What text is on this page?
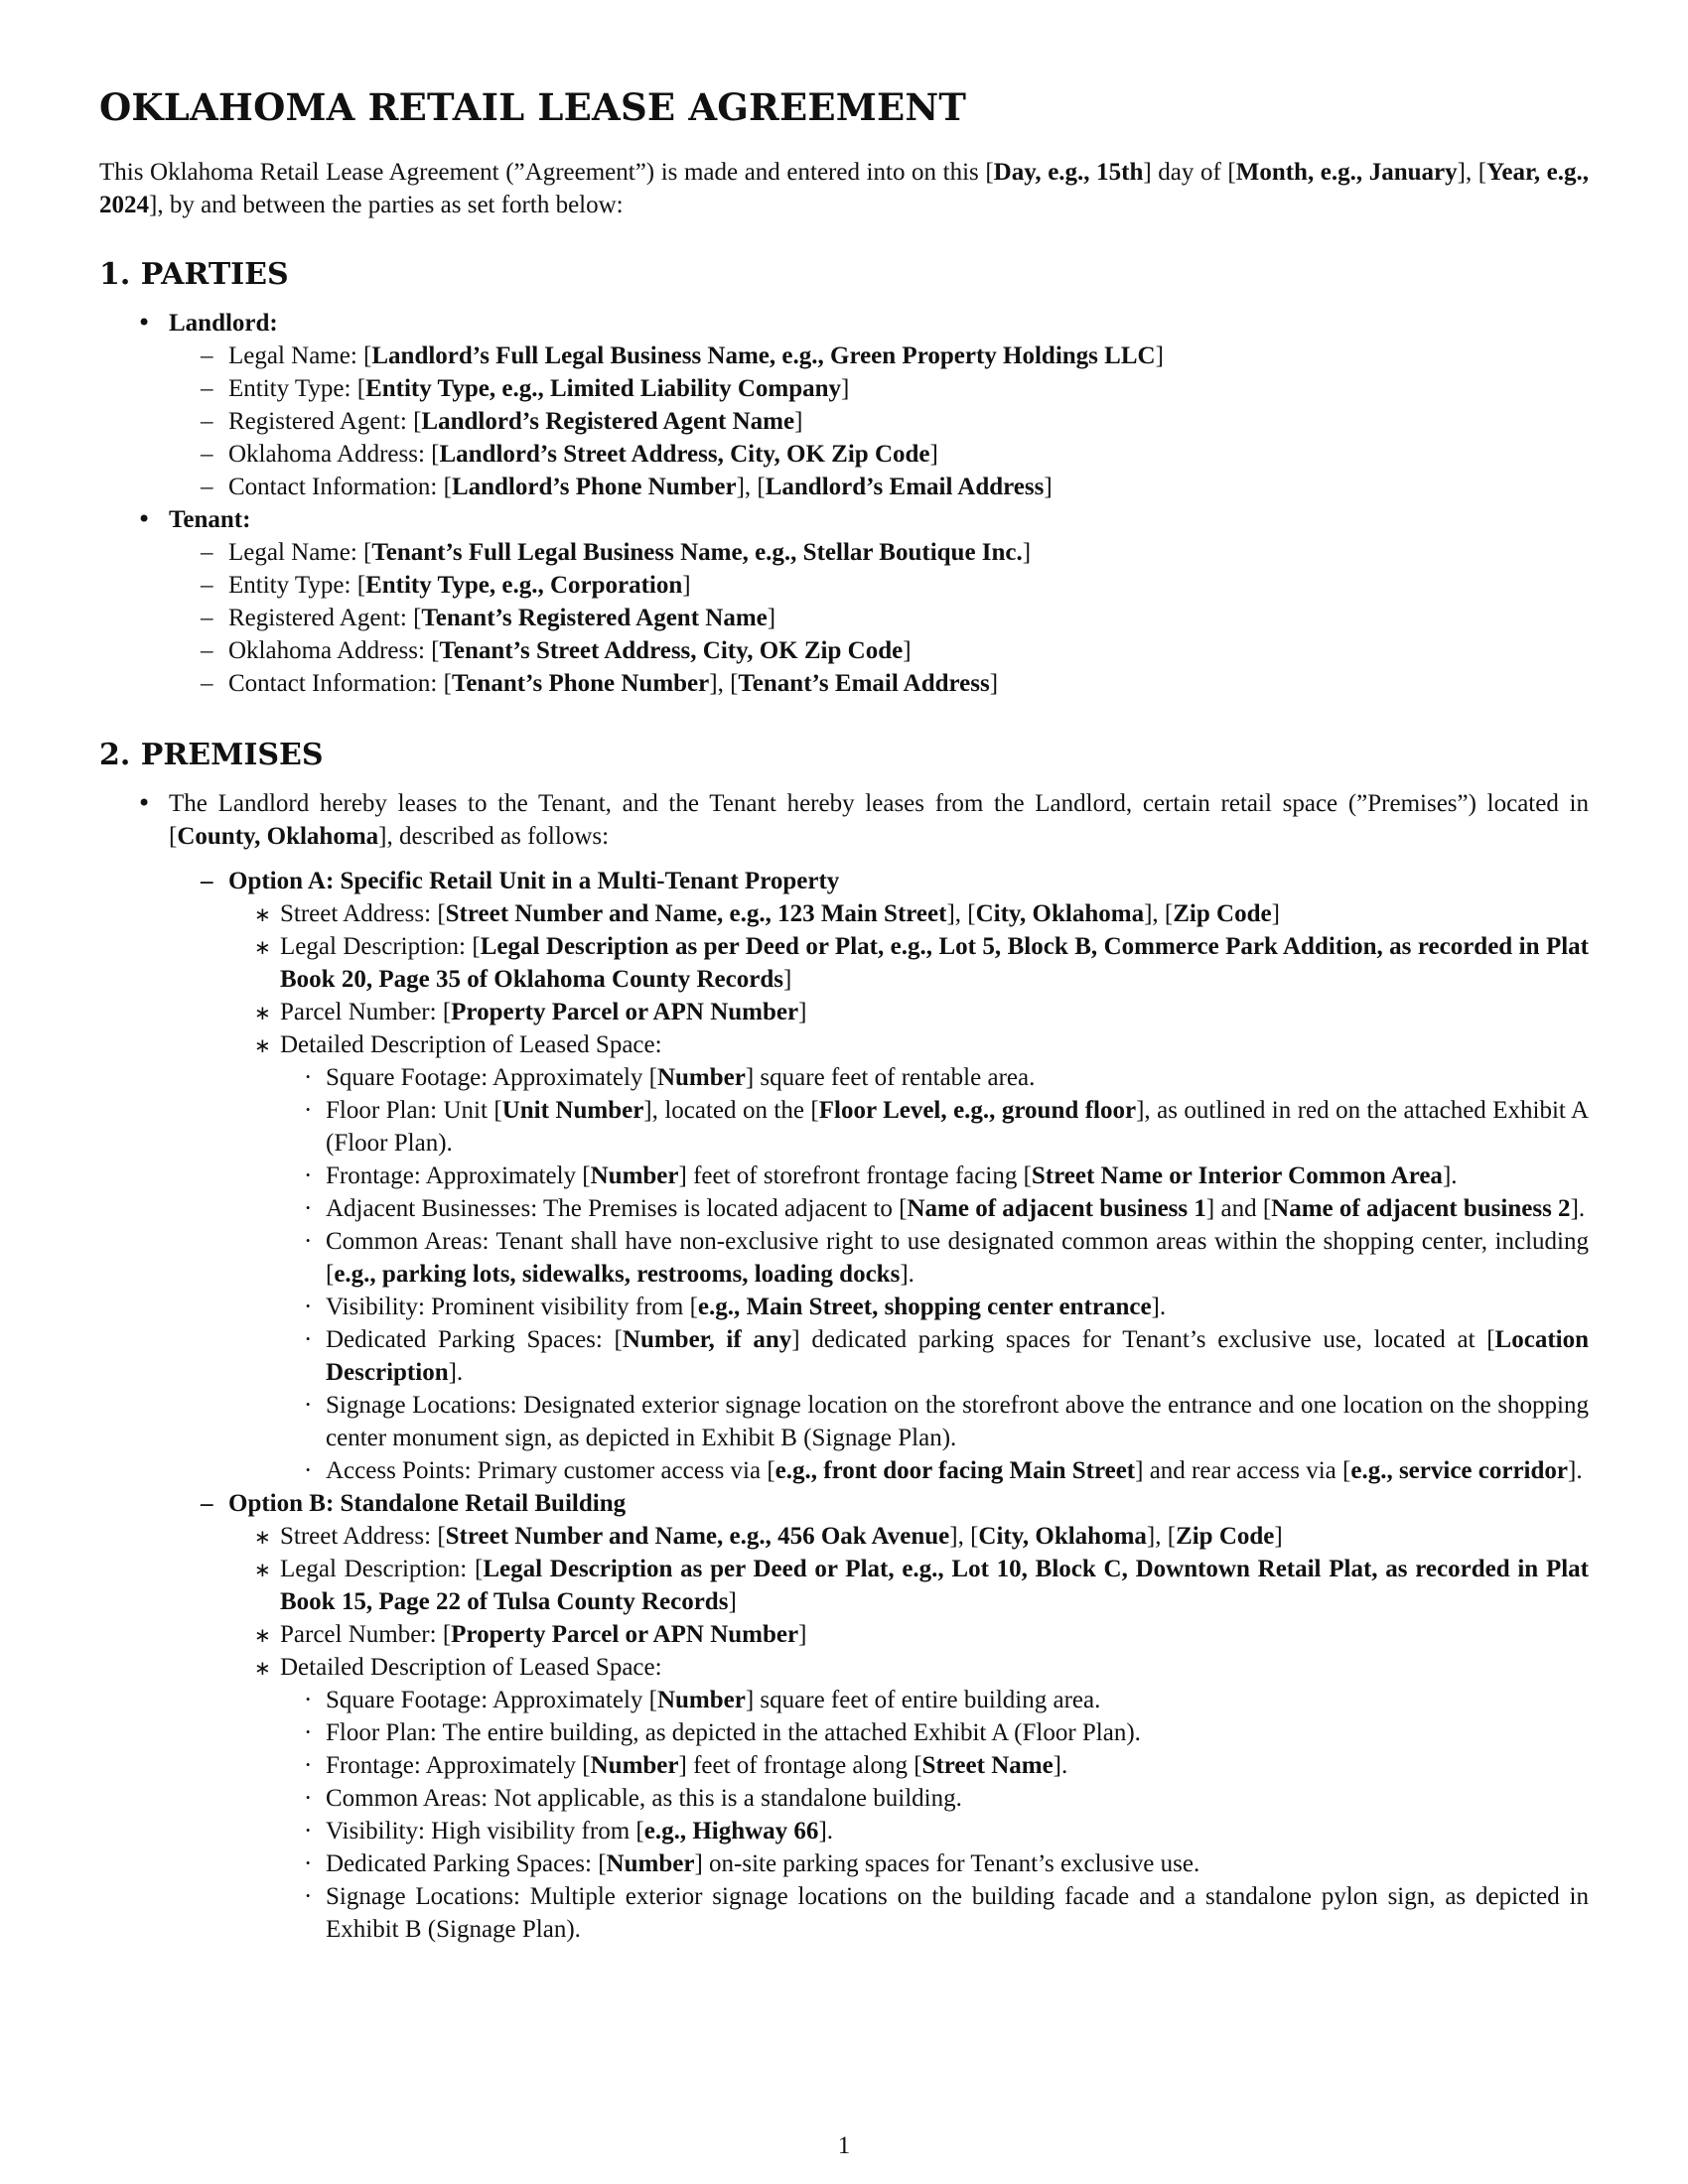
OKLAHOMA RETAIL LEASE AGREEMENT

This Oklahoma Retail Lease Agreement (”Agreement”) is made and entered into on this [Day, e.g., 15th] day of [Month, e.g., January], [Year, e.g., 2024], by and between the parties as set forth below:

1. PARTIES
• Landlord:
– Legal Name: [Landlord’s Full Legal Business Name, e.g., Green Property Holdings LLC]
– Entity Type: [Entity Type, e.g., Limited Liability Company]
– Registered Agent: [Landlord’s Registered Agent Name]
– Oklahoma Address: [Landlord’s Street Address, City, OK Zip Code]
– Contact Information: [Landlord’s Phone Number], [Landlord’s Email Address]
• Tenant:
– Legal Name: [Tenant’s Full Legal Business Name, e.g., Stellar Boutique Inc.]
– Entity Type: [Entity Type, e.g., Corporation]
– Registered Agent: [Tenant’s Registered Agent Name]
– Oklahoma Address: [Tenant’s Street Address, City, OK Zip Code]
– Contact Information: [Tenant’s Phone Number], [Tenant’s Email Address]
2. PREMISES
• The Landlord hereby leases to the Tenant, and the Tenant hereby leases from the Landlord, certain retail space (”Premises”) located in [County, Oklahoma], described as follows:
– Option A: Specific Retail Unit in a Multi-Tenant Property
∗ Street Address: [Street Number and Name, e.g., 123 Main Street], [City, Oklahoma], [Zip Code]
∗ Legal Description: [Legal Description as per Deed or Plat, e.g., Lot 5, Block B, Commerce Park Addition, as recorded in Plat Book 20, Page 35 of Oklahoma County Records]
∗ Parcel Number: [Property Parcel or APN Number]
∗ Detailed Description of Leased Space:
· Square Footage: Approximately [Number] square feet of rentable area.
· Floor Plan: Unit [Unit Number], located on the [Floor Level, e.g., ground floor], as outlined in red on the attached Exhibit A (Floor Plan).
· Frontage: Approximately [Number] feet of storefront frontage facing [Street Name or Interior Common Area].
· Adjacent Businesses: The Premises is located adjacent to [Name of adjacent business 1] and [Name of adjacent business 2].
· Common Areas: Tenant shall have non-exclusive right to use designated common areas within the shopping center, including [e.g., parking lots, sidewalks, restrooms, loading docks].
· Visibility: Prominent visibility from [e.g., Main Street, shopping center entrance].
· Dedicated Parking Spaces: [Number, if any] dedicated parking spaces for Tenant’s exclusive use, located at [Location Description].
· Signage Locations: Designated exterior signage location on the storefront above the entrance and one location on the shopping center monument sign, as depicted in Exhibit B (Signage Plan).
· Access Points: Primary customer access via [e.g., front door facing Main Street] and rear access via [e.g., service corridor].
– Option B: Standalone Retail Building
∗ Street Address: [Street Number and Name, e.g., 456 Oak Avenue], [City, Oklahoma], [Zip Code]
∗ Legal Description: [Legal Description as per Deed or Plat, e.g., Lot 10, Block C, Downtown Retail Plat, as recorded in Plat Book 15, Page 22 of Tulsa County Records]
∗ Parcel Number: [Property Parcel or APN Number]
∗ Detailed Description of Leased Space:
· Square Footage: Approximately [Number] square feet of entire building area.
· Floor Plan: The entire building, as depicted in the attached Exhibit A (Floor Plan).
· Frontage: Approximately [Number] feet of frontage along [Street Name].
· Common Areas: Not applicable, as this is a standalone building.
· Visibility: High visibility from [e.g., Highway 66].
· Dedicated Parking Spaces: [Number] on-site parking spaces for Tenant’s exclusive use.
· Signage Locations: Multiple exterior signage locations on the building facade and a standalone pylon sign, as depicted in Exhibit B (Signage Plan).
1
